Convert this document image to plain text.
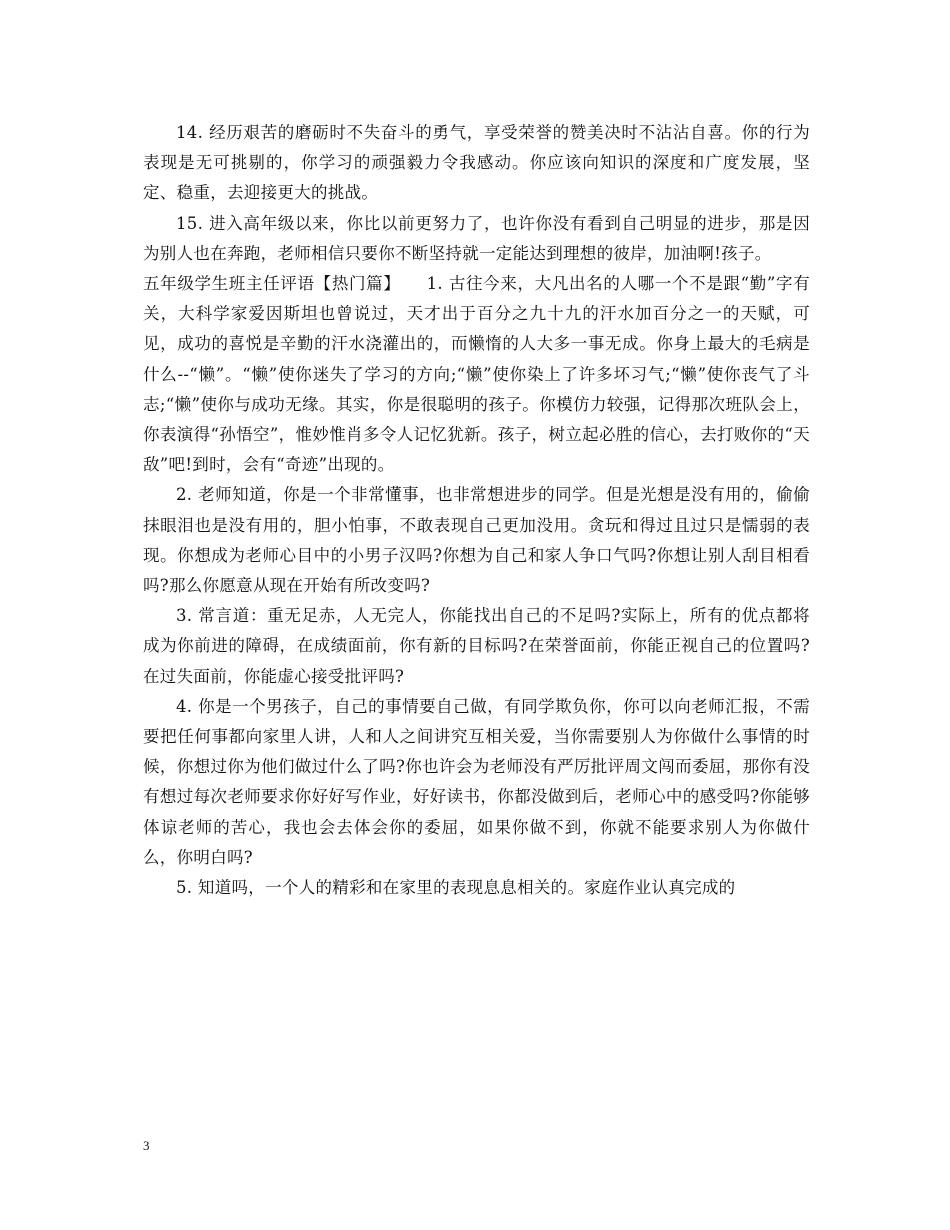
14. 经历艰苦的磨砺时不失奋斗的勇气，享受荣誉的赞美决时不沾沾自喜。你的行为表现是无可挑剔的，你学习的顽强毅力令我感动。你应该向知识的深度和广度发展，坚定、稳重，去迎接更大的挑战。

15. 进入高年级以来，你比以前更努力了，也许你没有看到自己明显的进步，那是因为别人也在奔跑，老师相信只要你不断坚持就一定能达到理想的彼岸，加油啊!孩子。

五年级学生班主任评语【热门篇】　　1. 古往今来，大凡出名的人哪一个不是跟“勤”字有关，大科学家爱因斯坦也曾说过，天才出于百分之九十九的汗水加百分之一的天赋，可见，成功的喜悦是辛勤的汗水浇灌出的，而懒惰的人大多一事无成。你身上最大的毛病是什么--“懒”。“懒”使你迷失了学习的方向;“懒”使你染上了许多坏习气;“懒”使你丧气了斗志;“懒”使你与成功无缘。其实，你是很聪明的孩子。你模仿力较强，记得那次班队会上，你表演得“孙悟空”，惟妙惟肖多令人记忆犹新。孩子，树立起必胜的信心，去打败你的“天敌”吧!到时，会有“奇迹”出现的。

2. 老师知道，你是一个非常懂事，也非常想进步的同学。但是光想是没有用的，偷偷抹眼泪也是没有用的，胆小怕事，不敢表现自己更加没用。贪玩和得过且过只是懦弱的表现。你想成为老师心目中的小男子汉吗?你想为自己和家人争口气吗?你想让别人刮目相看吗?那么你愿意从现在开始有所改变吗?

3. 常言道：重无足赤，人无完人，你能找出自己的不足吗?实际上，所有的优点都将成为你前进的障碍，在成绩面前，你有新的目标吗?在荣誉面前，你能正视自己的位置吗?在过失面前，你能虚心接受批评吗?

4. 你是一个男孩子，自己的事情要自己做，有同学欺负你，你可以向老师汇报，不需要把任何事都向家里人讲，人和人之间讲究互相关爱，当你需要别人为你做什么事情的时候，你想过你为他们做过什么了吗?你也许会为老师没有严厉批评周文闯而委屈，那你有没有想过每次老师要求你好好写作业，好好读书，你都没做到后，老师心中的感受吗?你能够体谅老师的苦心，我也会去体会你的委屈，如果你做不到，你就不能要求别人为你做什么，你明白吗?

5. 知道吗，一个人的精彩和在家里的表现息息相关的。家庭作业认真完成的

3
